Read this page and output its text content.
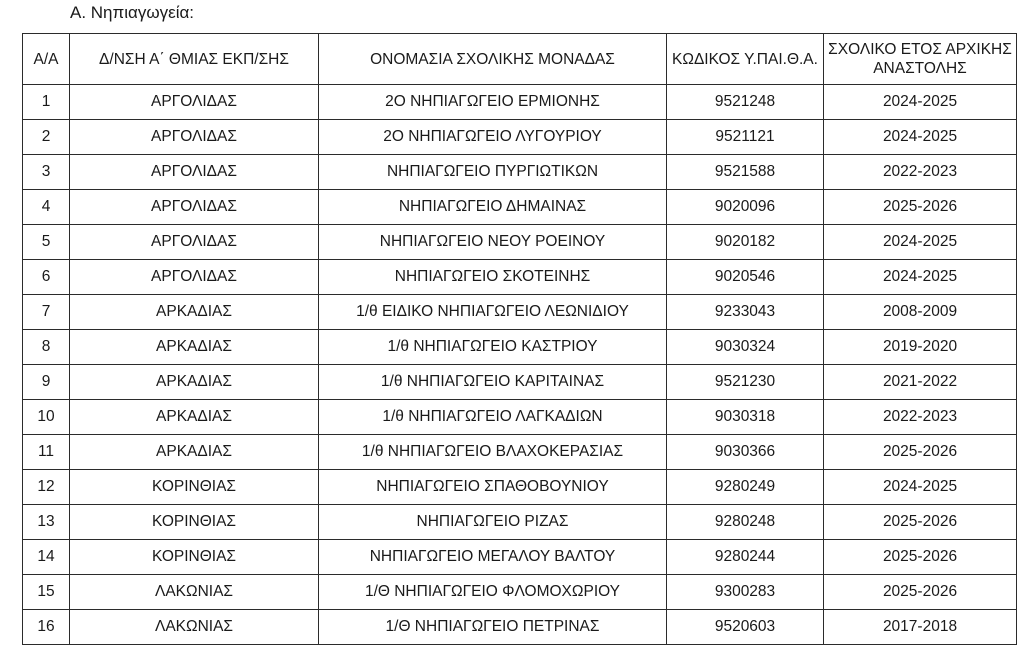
Α. Νηπιαγωγεία:
Α/Α	Δ/ΝΣΗ Α΄ ΘΜΙΑΣ ΕΚΠ/ΣΗΣ	ΟΝΟΜΑΣΙΑ ΣΧΟΛΙΚΗΣ ΜΟΝΑΔΑΣ	ΚΩΔΙΚΟΣ Υ.ΠΑΙ.Θ.Α.	ΣΧΟΛΙΚΟ ΕΤΟΣ ΑΡΧΙΚΗΣ ΑΝΑΣΤΟΛΗΣ
1	ΑΡΓΟΛΙΔΑΣ	2Ο ΝΗΠΙΑΓΩΓΕΙΟ ΕΡΜΙΟΝΗΣ	9521248	2024-2025
2	ΑΡΓΟΛΙΔΑΣ	2Ο ΝΗΠΙΑΓΩΓΕΙΟ ΛΥΓΟΥΡΙΟΥ	9521121	2024-2025
3	ΑΡΓΟΛΙΔΑΣ	ΝΗΠΙΑΓΩΓΕΙΟ ΠΥΡΓΙΩΤΙΚΩΝ	9521588	2022-2023
4	ΑΡΓΟΛΙΔΑΣ	ΝΗΠΙΑΓΩΓΕΙΟ ΔΗΜΑΙΝΑΣ	9020096	2025-2026
5	ΑΡΓΟΛΙΔΑΣ	ΝΗΠΙΑΓΩΓΕΙΟ ΝΕΟΥ ΡΟΕΙΝΟΥ	9020182	2024-2025
6	ΑΡΓΟΛΙΔΑΣ	ΝΗΠΙΑΓΩΓΕΙΟ ΣΚΟΤΕΙΝΗΣ	9020546	2024-2025
7	ΑΡΚΑΔΙΑΣ	1/θ ΕΙΔΙΚΟ ΝΗΠΙΑΓΩΓΕΙΟ ΛΕΩΝΙΔΙΟΥ	9233043	2008-2009
8	ΑΡΚΑΔΙΑΣ	1/θ ΝΗΠΙΑΓΩΓΕΙΟ ΚΑΣΤΡΙΟΥ	9030324	2019-2020
9	ΑΡΚΑΔΙΑΣ	1/θ ΝΗΠΙΑΓΩΓΕΙΟ ΚΑΡΙΤΑΙΝΑΣ	9521230	2021-2022
10	ΑΡΚΑΔΙΑΣ	1/θ ΝΗΠΙΑΓΩΓΕΙΟ ΛΑΓΚΑΔΙΩΝ	9030318	2022-2023
11	ΑΡΚΑΔΙΑΣ	1/θ ΝΗΠΙΑΓΩΓΕΙΟ ΒΛΑΧΟΚΕΡΑΣΙΑΣ	9030366	2025-2026
12	ΚΟΡΙΝΘΙΑΣ	ΝΗΠΙΑΓΩΓΕΙΟ ΣΠΑΘΟΒΟΥΝΙΟΥ	9280249	2024-2025
13	ΚΟΡΙΝΘΙΑΣ	ΝΗΠΙΑΓΩΓΕΙΟ ΡΙΖΑΣ	9280248	2025-2026
14	ΚΟΡΙΝΘΙΑΣ	ΝΗΠΙΑΓΩΓΕΙΟ ΜΕΓΑΛΟΥ ΒΑΛΤΟΥ	9280244	2025-2026
15	ΛΑΚΩΝΙΑΣ	1/Θ ΝΗΠΙΑΓΩΓΕΙΟ ΦΛΟΜΟΧΩΡΙΟΥ	9300283	2025-2026
16	ΛΑΚΩΝΙΑΣ	1/Θ ΝΗΠΙΑΓΩΓΕΙΟ ΠΕΤΡΙΝΑΣ	9520603	2017-2018
